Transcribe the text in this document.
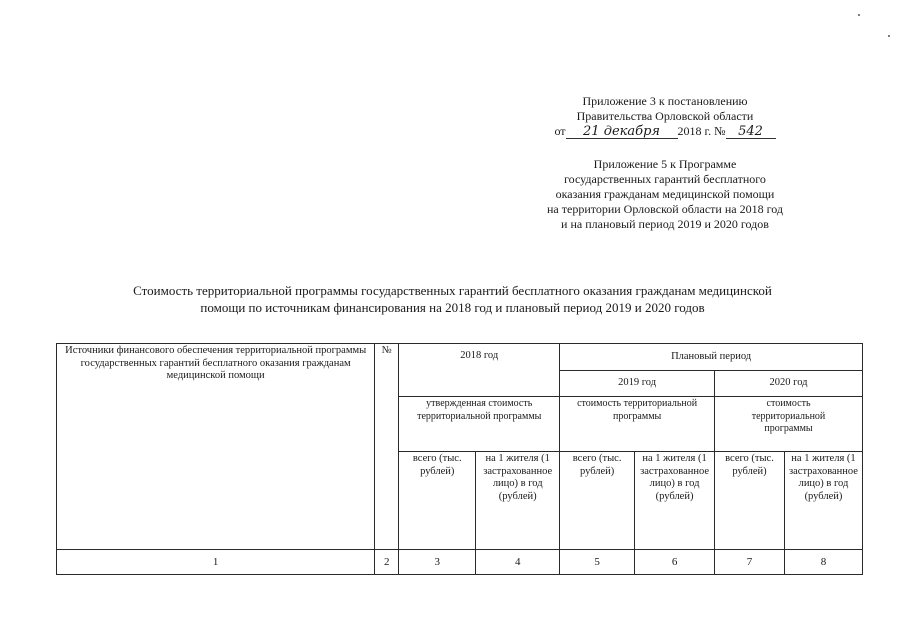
Приложение 3 к постановлению
Правительства Орловской области
от 21 декабря 2018 г. № 542
Приложение 5 к Программе
государственных гарантий бесплатного
оказания гражданам медицинской помощи
на территории Орловской области на 2018 год
и на плановый период 2019 и 2020 годов
Стоимость территориальной программы государственных гарантий бесплатного оказания гражданам медицинской
помощи по источникам финансирования на 2018 год и плановый период 2019 и 2020 годов
Источники финансового обеспечения территориальной программы государственных гарантий бесплатного оказания гражданам медицинской помощи	№	2018 год		Плановый период			
				2019 год		2020 год	
		утвержденная стоимость территориальной программы		стоимость территориальной программы		стоимость территориальной программы	
		всего (тыс. рублей)	на 1 жителя (1 застрахованное лицо) в год (рублей)	всего (тыс. рублей)	на 1 жителя (1 застрахованное лицо) в год (рублей)	всего (тыс. рублей)	на 1 жителя (1 застрахованное лицо) в год (рублей)
1	2	3	4	5	6	7	8
